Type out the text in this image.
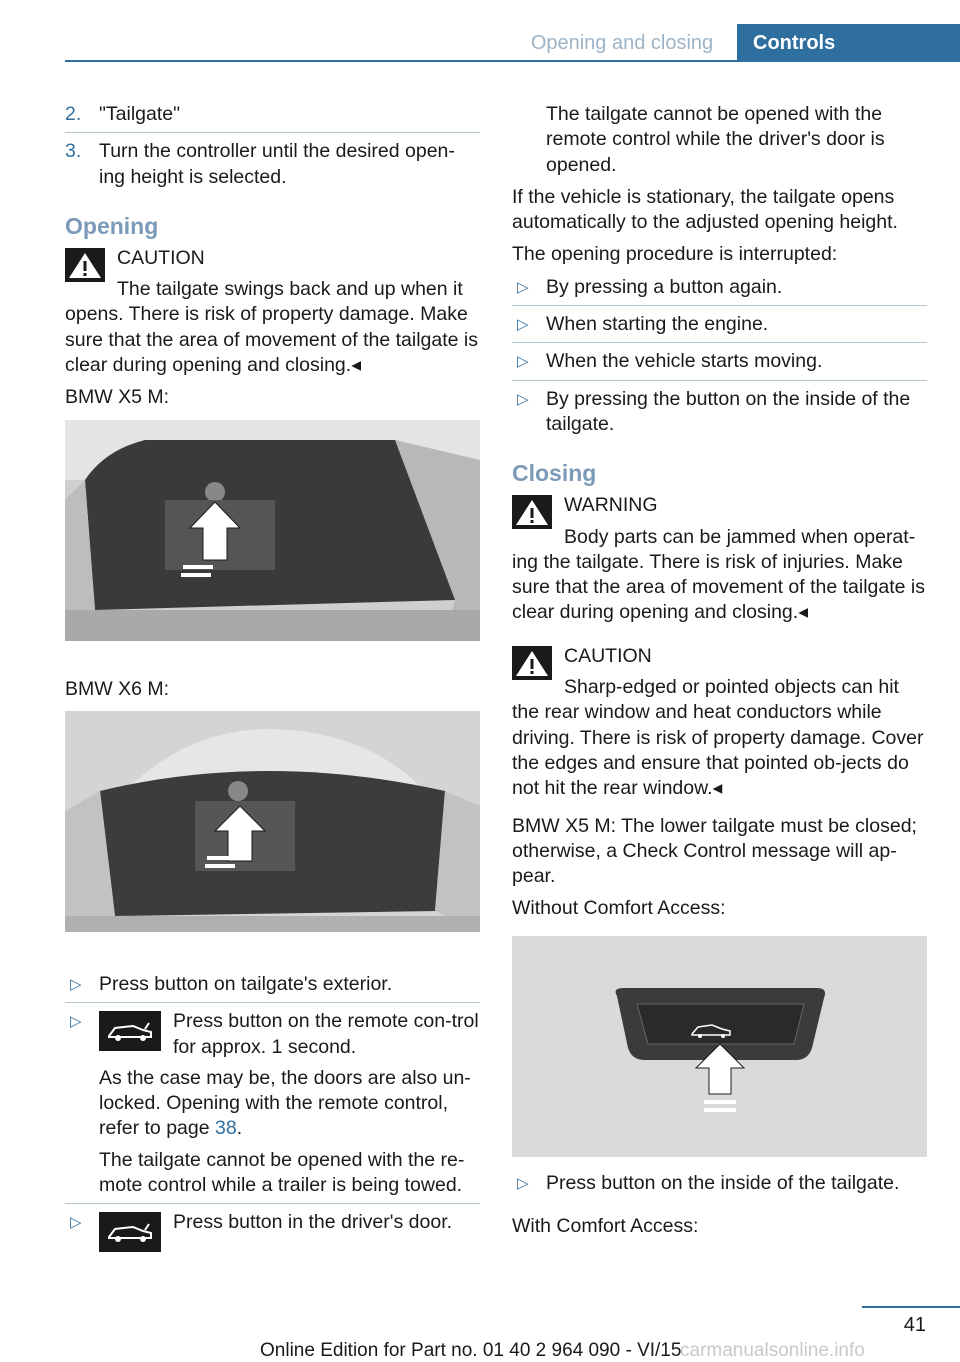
Opening and closing	Controls
2. "Tailgate"

3. Turn the controller until the desired open-ing height is selected.

Opening
CAUTION

The tailgate swings back and up when it opens. There is risk of property damage. Make sure that the area of movement of the tailgate is clear during opening and closing.◂

BMW X5 M:

BMW X6 M:

▷ Press button on tailgate's exterior.

▷	Press button on the remote con-trol for approx. 1 second.

As the case may be, the doors are also un-locked. Opening with the remote control, refer to page 38.

The tailgate cannot be opened with the re-mote control while a trailer is being towed.

▷	Press button in the driver's door.

The tailgate cannot be opened with the remote control while the driver's door is opened.

If the vehicle is stationary, the tailgate opens automatically to the adjusted opening height.

The opening procedure is interrupted:

▷ By pressing a button again.

▷ When starting the engine.

▷ When the vehicle starts moving.

▷ By pressing the button on the inside of the tailgate.

Closing
WARNING

Body parts can be jammed when operat-ing the tailgate. There is risk of injuries. Make sure that the area of movement of the tailgate is clear during opening and closing.◂

CAUTION

Sharp-edged or pointed objects can hit the rear window and heat conductors while driving. There is risk of property damage. Cover the edges and ensure that pointed ob-jects do not hit the rear window.◂

BMW X5 M: The lower tailgate must be closed; otherwise, a Check Control message will ap-pear.

Without Comfort Access:

▷ Press button on the inside of the tailgate.

With Comfort Access:

41
Online Edition for Part no. 01 40 2 964 090 - VI/15
carmanualsonline.info
